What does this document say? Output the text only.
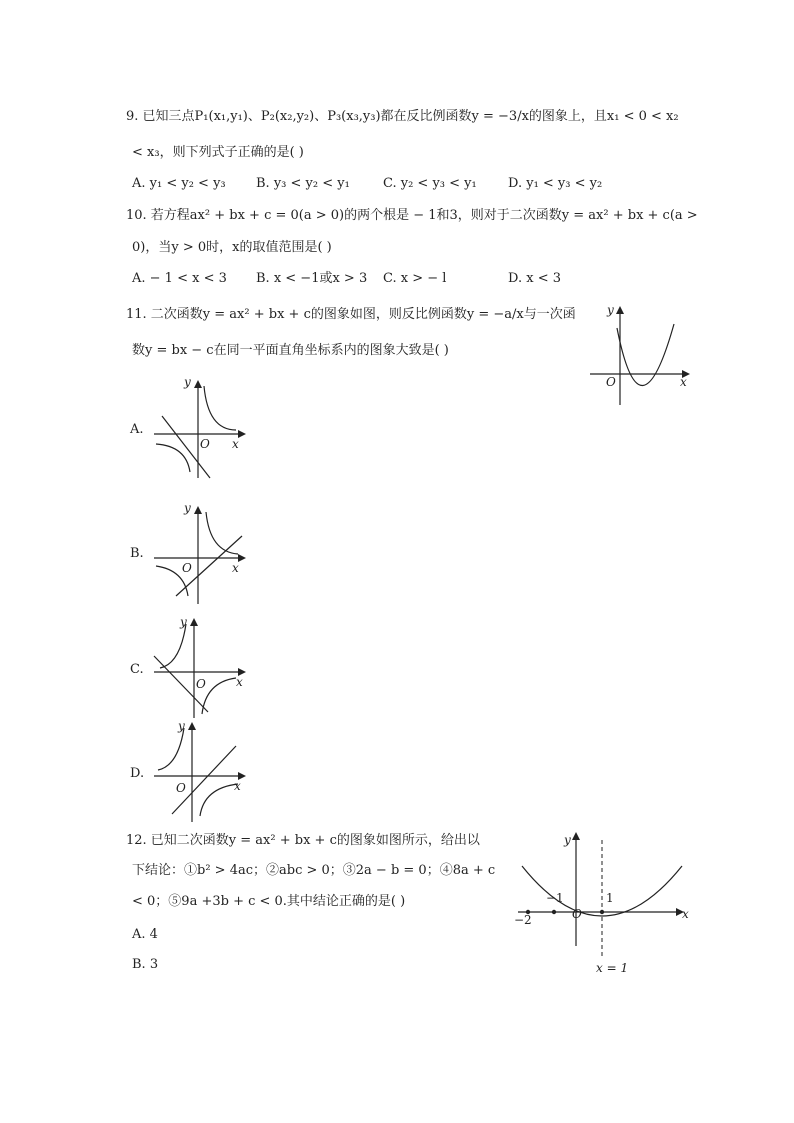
9. 已知三点P₁(x₁,y₁)、P₂(x₂,y₂)、P₃(x₃,y₃)都在反比例函数y = −3/x的图象上，且x₁ < 0 < x₂
< x₃，则下列式子正确的是( )
A. y₁ < y₂ < y₃ B. y₃ < y₂ < y₁	C. y₂ < y₃ < y₁ D. y₁ < y₃ < y₂
10. 若方程ax² + bx + c = 0(a > 0)的两个根是 − 1和3，则对于二次函数y = ax² + bx + c(a >
0)，当y > 0时，x的取值范围是( )
A. − 1 < x < 3 B. x < −1或x > 3 C. x > − l	D. x < 3
11. 二次函数y = ax² + bx + c的图象如图，则反比例函数y = −a/x与一次函
数y = bx − c在同一平面直角坐标系内的图象大致是( )
y
x
O
A.
y
x
O
B.
y
x
O
C.
y
x
O
D.
y
x
O
12. 已知二次函数y = ax² + bx + c的图象如图所示，给出以
下结论：①b² > 4ac；②abc > 0；③2a − b = 0；④8a + c
< 0；⑤9a +3b + c < 0.其中结论正确的是( )
A. 4
B. 3
y
x
O
−2
−1	1
x = 1
